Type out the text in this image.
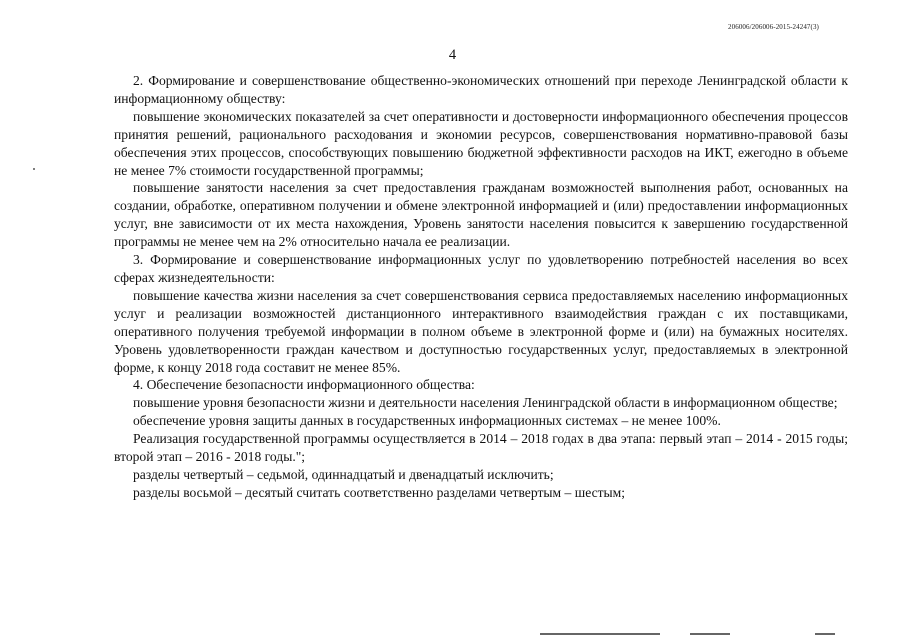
206006/206006-2015-24247(3)
4

2. Формирование и совершенствование общественно-экономических отношений при переходе Ленинградской области к информационному обществу:

повышение экономических показателей за счет оперативности и достоверности информационного обеспечения процессов принятия решений, рационального расходования и экономии ресурсов, совершенствования нормативно-правовой базы обеспечения этих процессов, способствующих повышению бюджетной эффективности расходов на ИКТ, ежегодно в объеме не менее 7% стоимости государственной программы;

повышение занятости населения за счет предоставления гражданам возможностей выполнения работ, основанных на создании, обработке, оперативном получении и обмене электронной информацией и (или) предоставлении информационных услуг, вне зависимости от их места нахождения, Уровень занятости населения повысится к завершению государственной программы не менее чем на 2% относительно начала ее реализации.

3. Формирование и совершенствование информационных услуг по удовлетворению потребностей населения во всех сферах жизнедеятельности:

повышение качества жизни населения за счет совершенствования сервиса предоставляемых населению информационных услуг и реализации возможностей дистанционного интерактивного взаимодействия граждан с их поставщиками, оперативного получения требуемой информации в полном объеме в электронной форме и (или) на бумажных носителях. Уровень удовлетворенности граждан качеством и доступностью государственных услуг, предоставляемых в электронной форме, к концу 2018 года составит не менее 85%.

4. Обеспечение безопасности информационного общества:

повышение уровня безопасности жизни и деятельности населения Ленинградской области в информационном обществе;

обеспечение уровня защиты данных в государственных информационных системах – не менее 100%.

Реализация государственной программы осуществляется в 2014 – 2018 годах в два этапа: первый этап – 2014 - 2015 годы; второй этап – 2016 - 2018 годы.";

разделы четвертый – седьмой, одиннадцатый и двенадцатый исключить;

разделы восьмой – десятый считать соответственно разделами четвертым – шестым;
